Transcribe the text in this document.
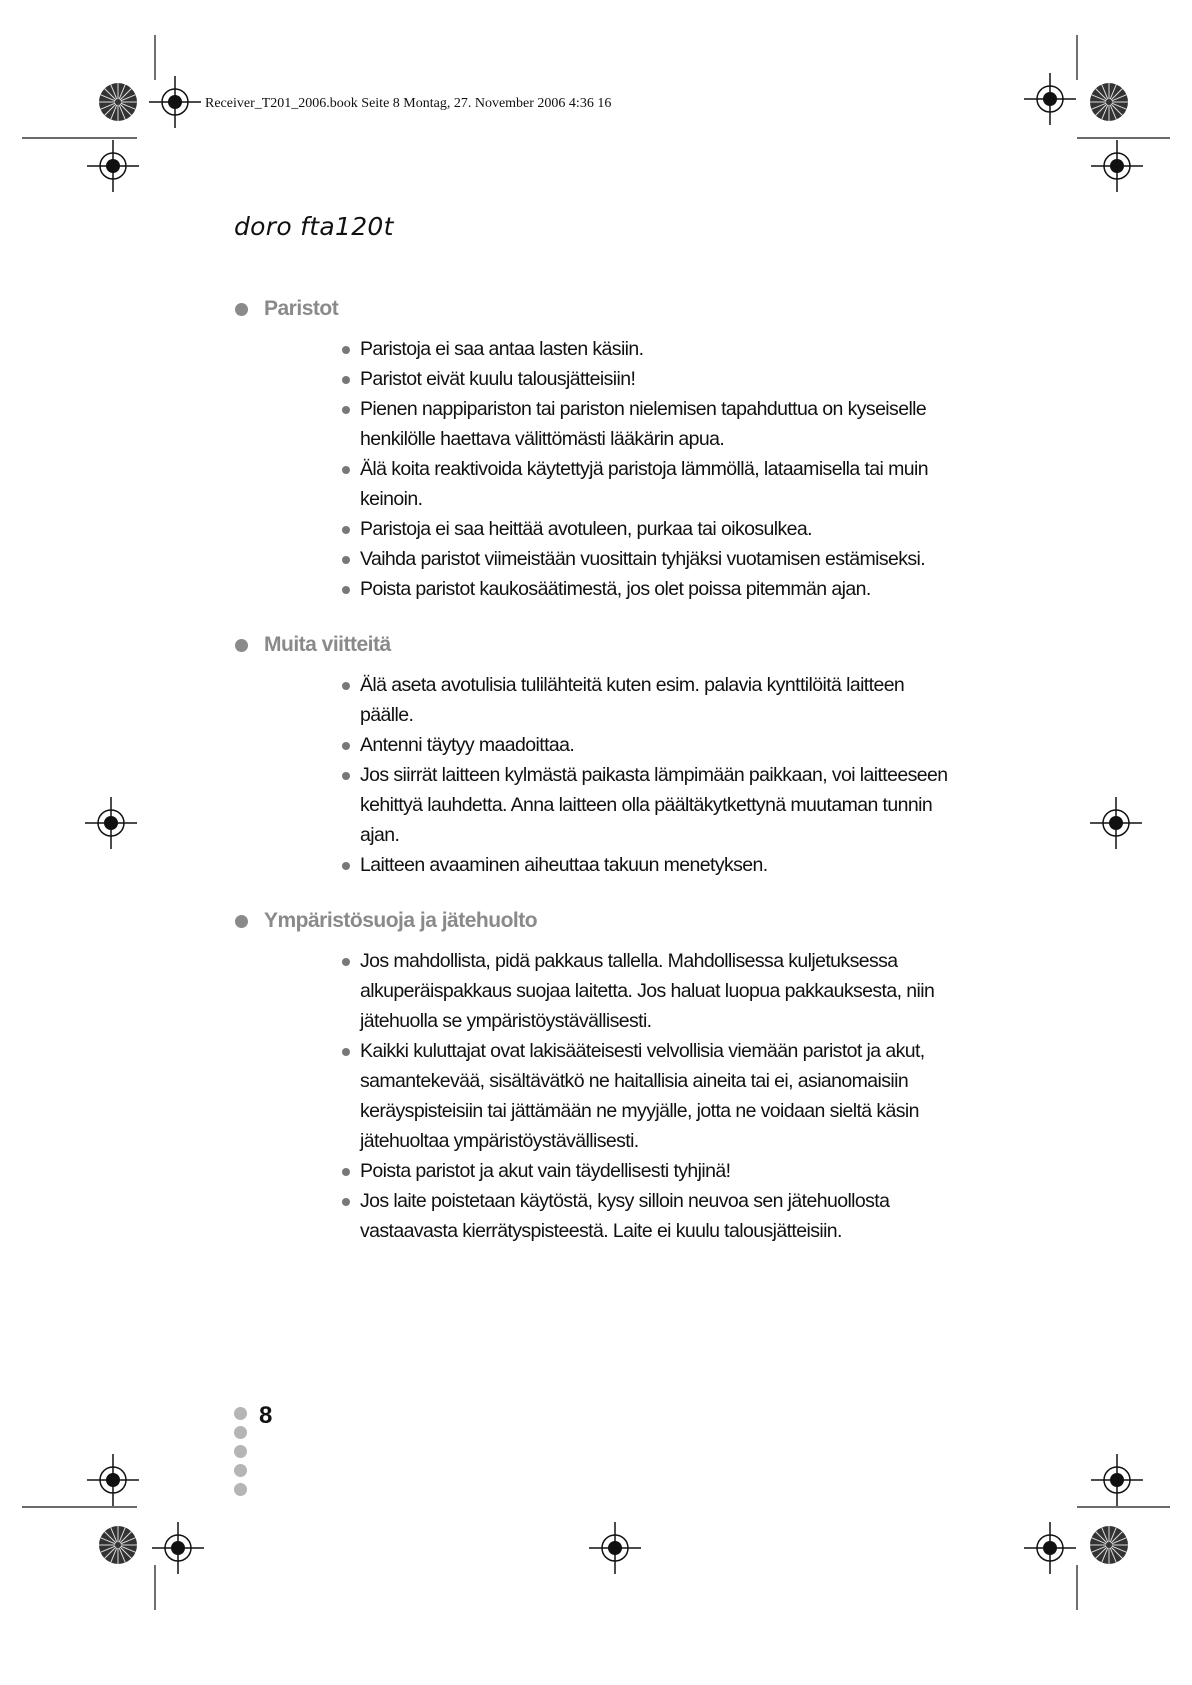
Receiver_T201_2006.book Seite 8 Montag, 27. November 2006 4:36 16
doro fta120t
Paristot
Paristoja ei saa antaa lasten käsiin.
Paristot eivät kuulu talousjätteisiin!
Pienen nappipariston tai pariston nielemisen tapahduttua on kyseiselle henkilölle haettava välittömästi lääkärin apua.
Älä koita reaktivoida käytettyjä paristoja lämmöllä, lataamisella tai muin keinoin.
Paristoja ei saa heittää avotuleen, purkaa tai oikosulkea.
Vaihda paristot viimeistään vuosittain tyhjäksi vuotamisen estämiseksi.
Poista paristot kaukosäätimestä, jos olet poissa pitemmän ajan.
Muita viitteitä
Älä aseta avotulisia tulilähteitä kuten esim. palavia kynttilöitä laitteen päälle.
Antenni täytyy maadoittaa.
Jos siirrät laitteen kylmästä paikasta lämpimään paikkaan, voi laitteeseen kehittyä lauhdetta. Anna laitteen olla päältäkytkettynä muutaman tunnin ajan.
Laitteen avaaminen aiheuttaa takuun menetyksen.
Ympäristösuoja ja jätehuolto
Jos mahdollista, pidä pakkaus tallella. Mahdollisessa kuljetuksessa alkuperäispakkaus suojaa laitetta. Jos haluat luopua pakkauksesta, niin jätehuolla se ympäristöystävällisesti.
Kaikki kuluttajat ovat lakisääteisesti velvollisia viemään paristot ja akut, samantekevää, sisältävätkö ne haitallisia aineita tai ei, asianomaisiin keräyspisteisiin tai jättämään ne myyjälle, jotta ne voidaan sieltä käsin jätehuoltaa ympäristöystävällisesti.
Poista paristot ja akut vain täydellisesti tyhjinä!
Jos laite poistetaan käytöstä, kysy silloin neuvoa sen jätehuollosta vastaavasta kierrätyspisteestä. Laite ei kuulu talousjätteisiin.
8
